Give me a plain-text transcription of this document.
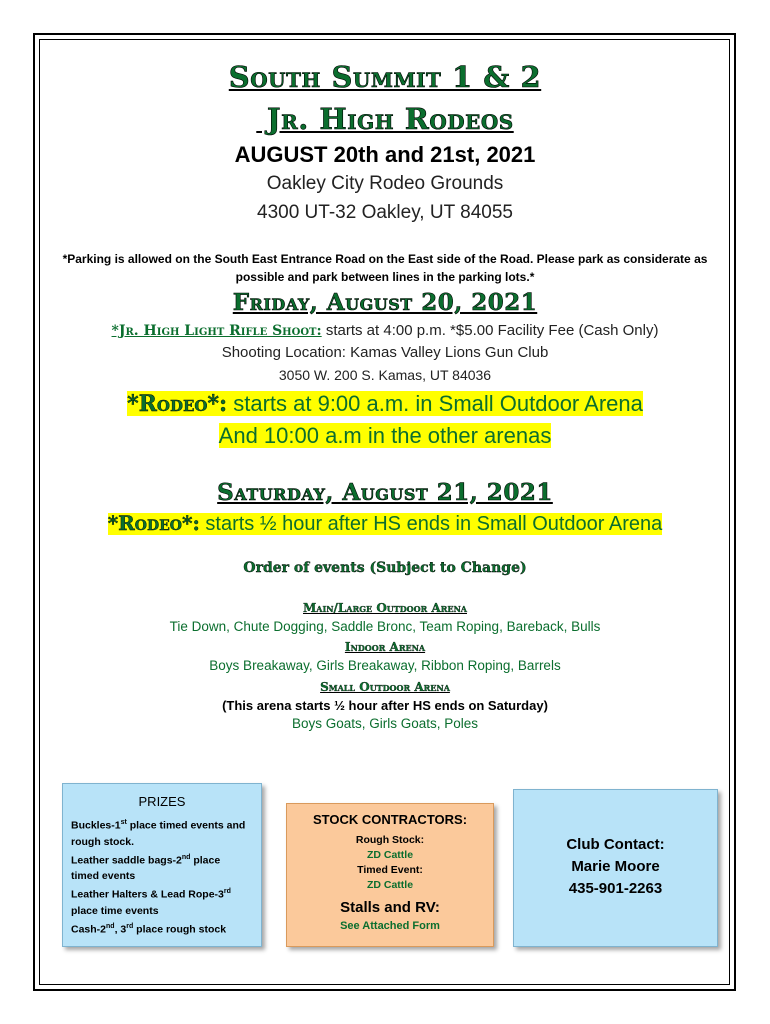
South Summit 1 & 2
Jr. High Rodeos
AUGUST 20th and 21st, 2021
Oakley City Rodeo Grounds
4300 UT-32 Oakley, UT 84055
*Parking is allowed on the South East Entrance Road on the East side of the Road. Please park as considerate as possible and park between lines in the parking lots.*
Friday, August 20, 2021
*Jr. High Light Rifle Shoot: starts at 4:00 p.m. *$5.00 Facility Fee (Cash Only)
Shooting Location: Kamas Valley Lions Gun Club
3050 W. 200 S. Kamas, UT 84036
*Rodeo*: starts at 9:00 a.m. in Small Outdoor Arena
And 10:00 a.m in the other arenas
Saturday, August 21, 2021
*Rodeo*: starts ½ hour after HS ends in Small Outdoor Arena
Order of events (Subject to Change)
Main/Large Outdoor Arena
Tie Down, Chute Dogging, Saddle Bronc, Team Roping, Bareback, Bulls
Indoor Arena
Boys Breakaway, Girls Breakaway, Ribbon Roping, Barrels
Small Outdoor Arena
(This arena starts ½ hour after HS ends on Saturday)
Boys Goats, Girls Goats, Poles
PRIZES
Buckles-1st place timed events and
rough stock.
Leather saddle bags-2nd place
timed events
Leather Halters & Lead Rope-3rd
place time events
Cash-2nd, 3rd place rough stock
STOCK CONTRACTORS:
Rough Stock:
ZD Cattle
Timed Event:
ZD Cattle
Stalls and RV:
See Attached Form
Club Contact:
Marie Moore
435-901-2263
